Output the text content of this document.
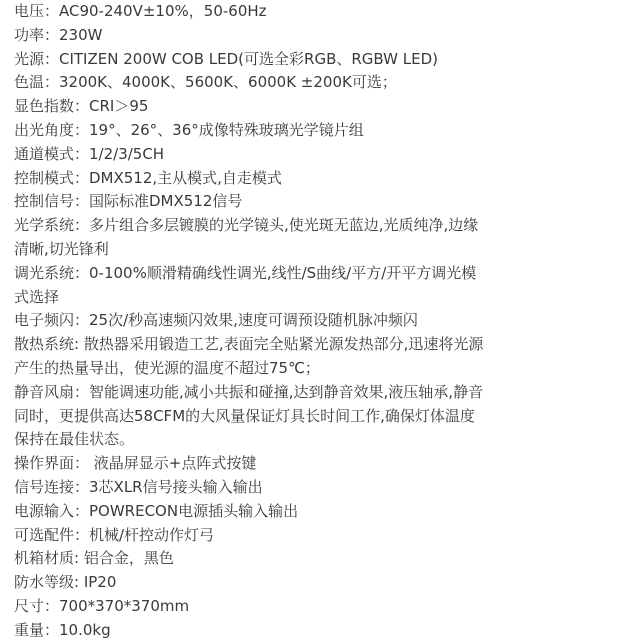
电压：AC90-240V±10%，50-60Hz
功率：230W
光源：CITIZEN 200W COB LED(可选全彩RGB、RGBW LED)
色温：3200K、4000K、5600K、6000K ±200K可选；
显色指数：CRI＞95
出光角度：19°、26°、36°成像特殊玻璃光学镜片组
通道模式：1/2/3/5CH
控制模式：DMX512,主从模式,自走模式
控制信号：国际标准DMX512信号
光学系统：多片组合多层镀膜的光学镜头,使光斑无蓝边,光质纯净,边缘清晰,切光锋利
调光系统：0-100%顺滑精确线性调光,线性/S曲线/平方/开平方调光模式选择
电子频闪：25次/秒高速频闪效果,速度可调预设随机脉冲频闪
散热系统: 散热器采用锻造工艺,表面完全贴紧光源发热部分,迅速将光源产生的热量导出，使光源的温度不超过75℃；
静音风扇：智能调速功能,减小共振和碰撞,达到静音效果,液压轴承,静音同时，更提供高达58CFM的大风量保证灯具长时间工作,确保灯体温度保持在最佳状态。
操作界面： 液晶屏显示+点阵式按键
信号连接：3芯XLR信号接头输入输出
电源输入：POWRECON电源插头输入输出
可选配件：机械/杆控动作灯弓
机箱材质: 铝合金，黑色
防水等级: IP20
尺寸：700*370*370mm
重量：10.0kg
